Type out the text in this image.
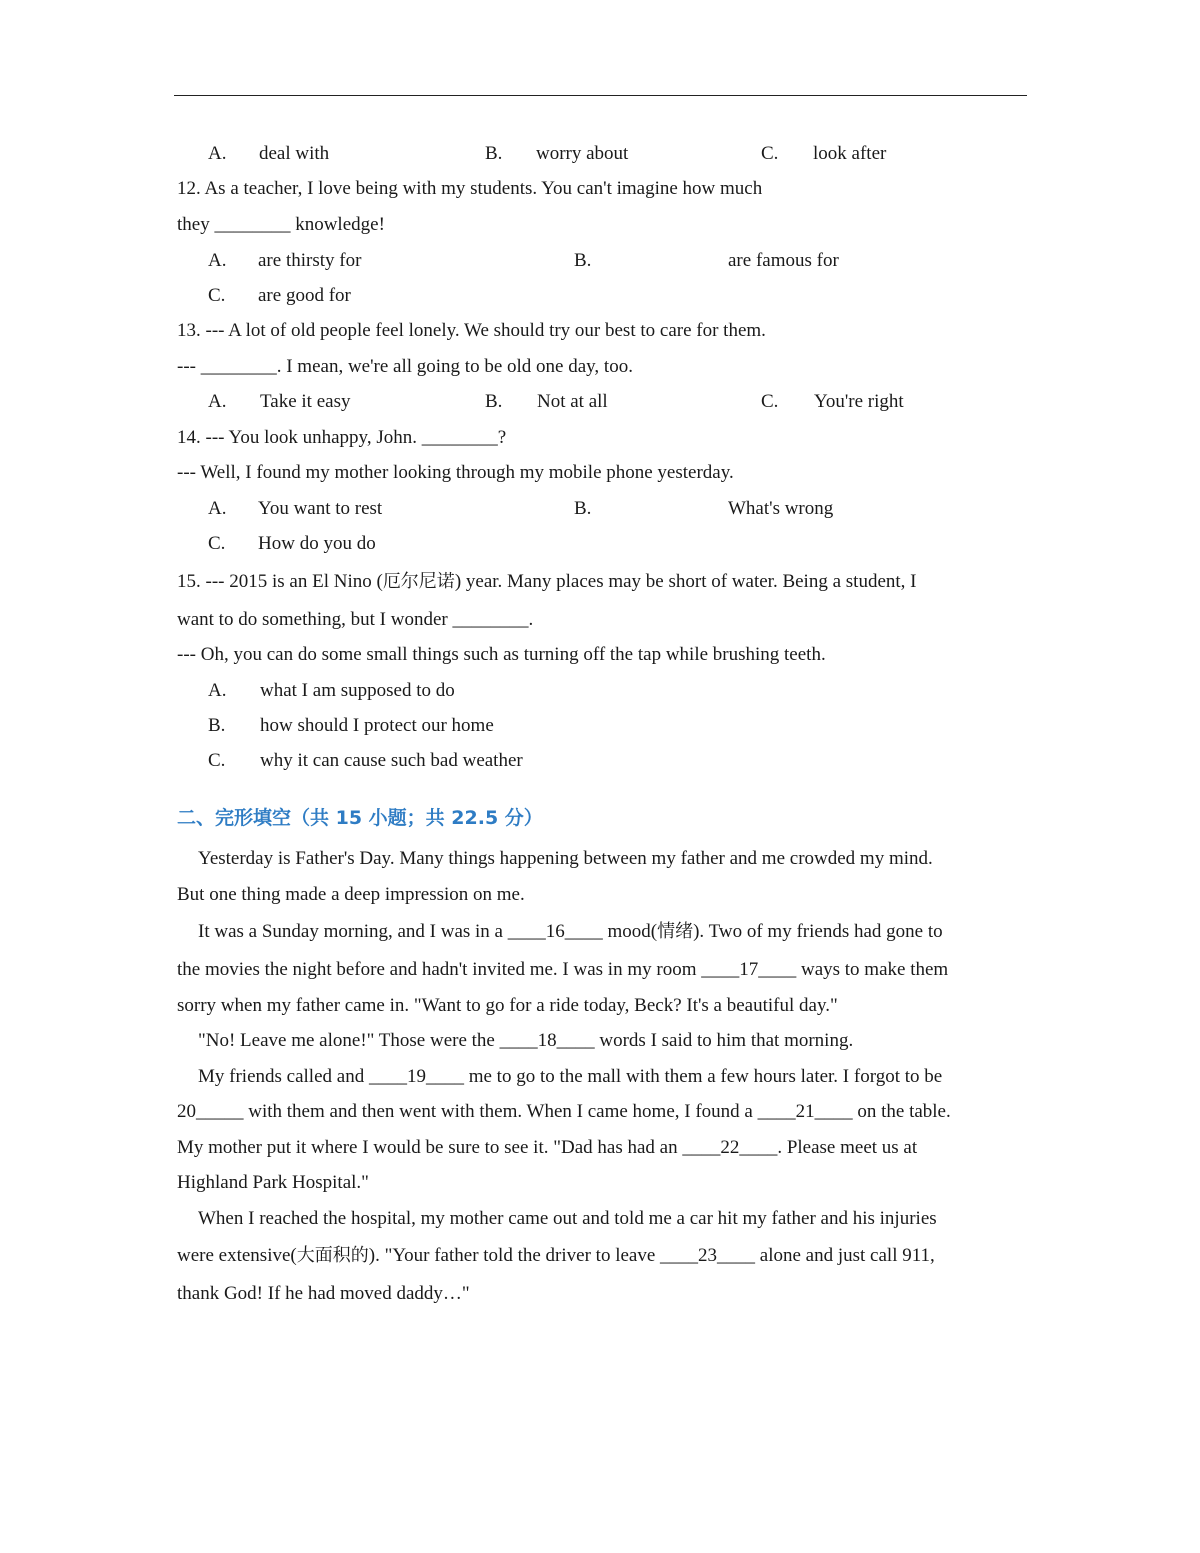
A. deal with	B. worry about	C. look after
12. As a teacher, I love being with my students. You can't imagine how much
they ________ knowledge!
A. are thirsty for	B.	are famous for
C. are good for
13. --- A lot of old people feel lonely. We should try our best to care for them.
--- ________. I mean, we're all going to be old one day, too.
A. Take it easy	B. Not at all	C. You're right
14. --- You look unhappy, John. ________?
--- Well, I found my mother looking through my mobile phone yesterday.
A. You want to rest	B.	What's wrong
C. How do you do
15. --- 2015 is an El Nino (厄尔尼诺) year. Many places may be short of water. Being a student, I
want to do something, but I wonder ________.
--- Oh, you can do some small things such as turning off the tap while brushing teeth.
A. what I am supposed to do
B. how should I protect our home
C. why it can cause such bad weather
二、完形填空（共 15 小题；共 22.5 分）
Yesterday is Father's Day. Many things happening between my father and me crowded my mind.
But one thing made a deep impression on me.
It was a Sunday morning, and I was in a ____16____ mood(情绪). Two of my friends had gone to
the movies the night before and hadn't invited me. I was in my room ____17____ ways to make them
sorry when my father came in. "Want to go for a ride today, Beck? It's a beautiful day."
"No! Leave me alone!" Those were the ____18____ words I said to him that morning.
My friends called and ____19____ me to go to the mall with them a few hours later. I forgot to be
20_____ with them and then went with them. When I came home, I found a ____21____ on the table.
My mother put it where I would be sure to see it. "Dad has had an ____22____. Please meet us at
Highland Park Hospital."
When I reached the hospital, my mother came out and told me a car hit my father and his injuries
were extensive(大面积的). "Your father told the driver to leave ____23____ alone and just call 911,
thank God! If he had moved daddy…"
